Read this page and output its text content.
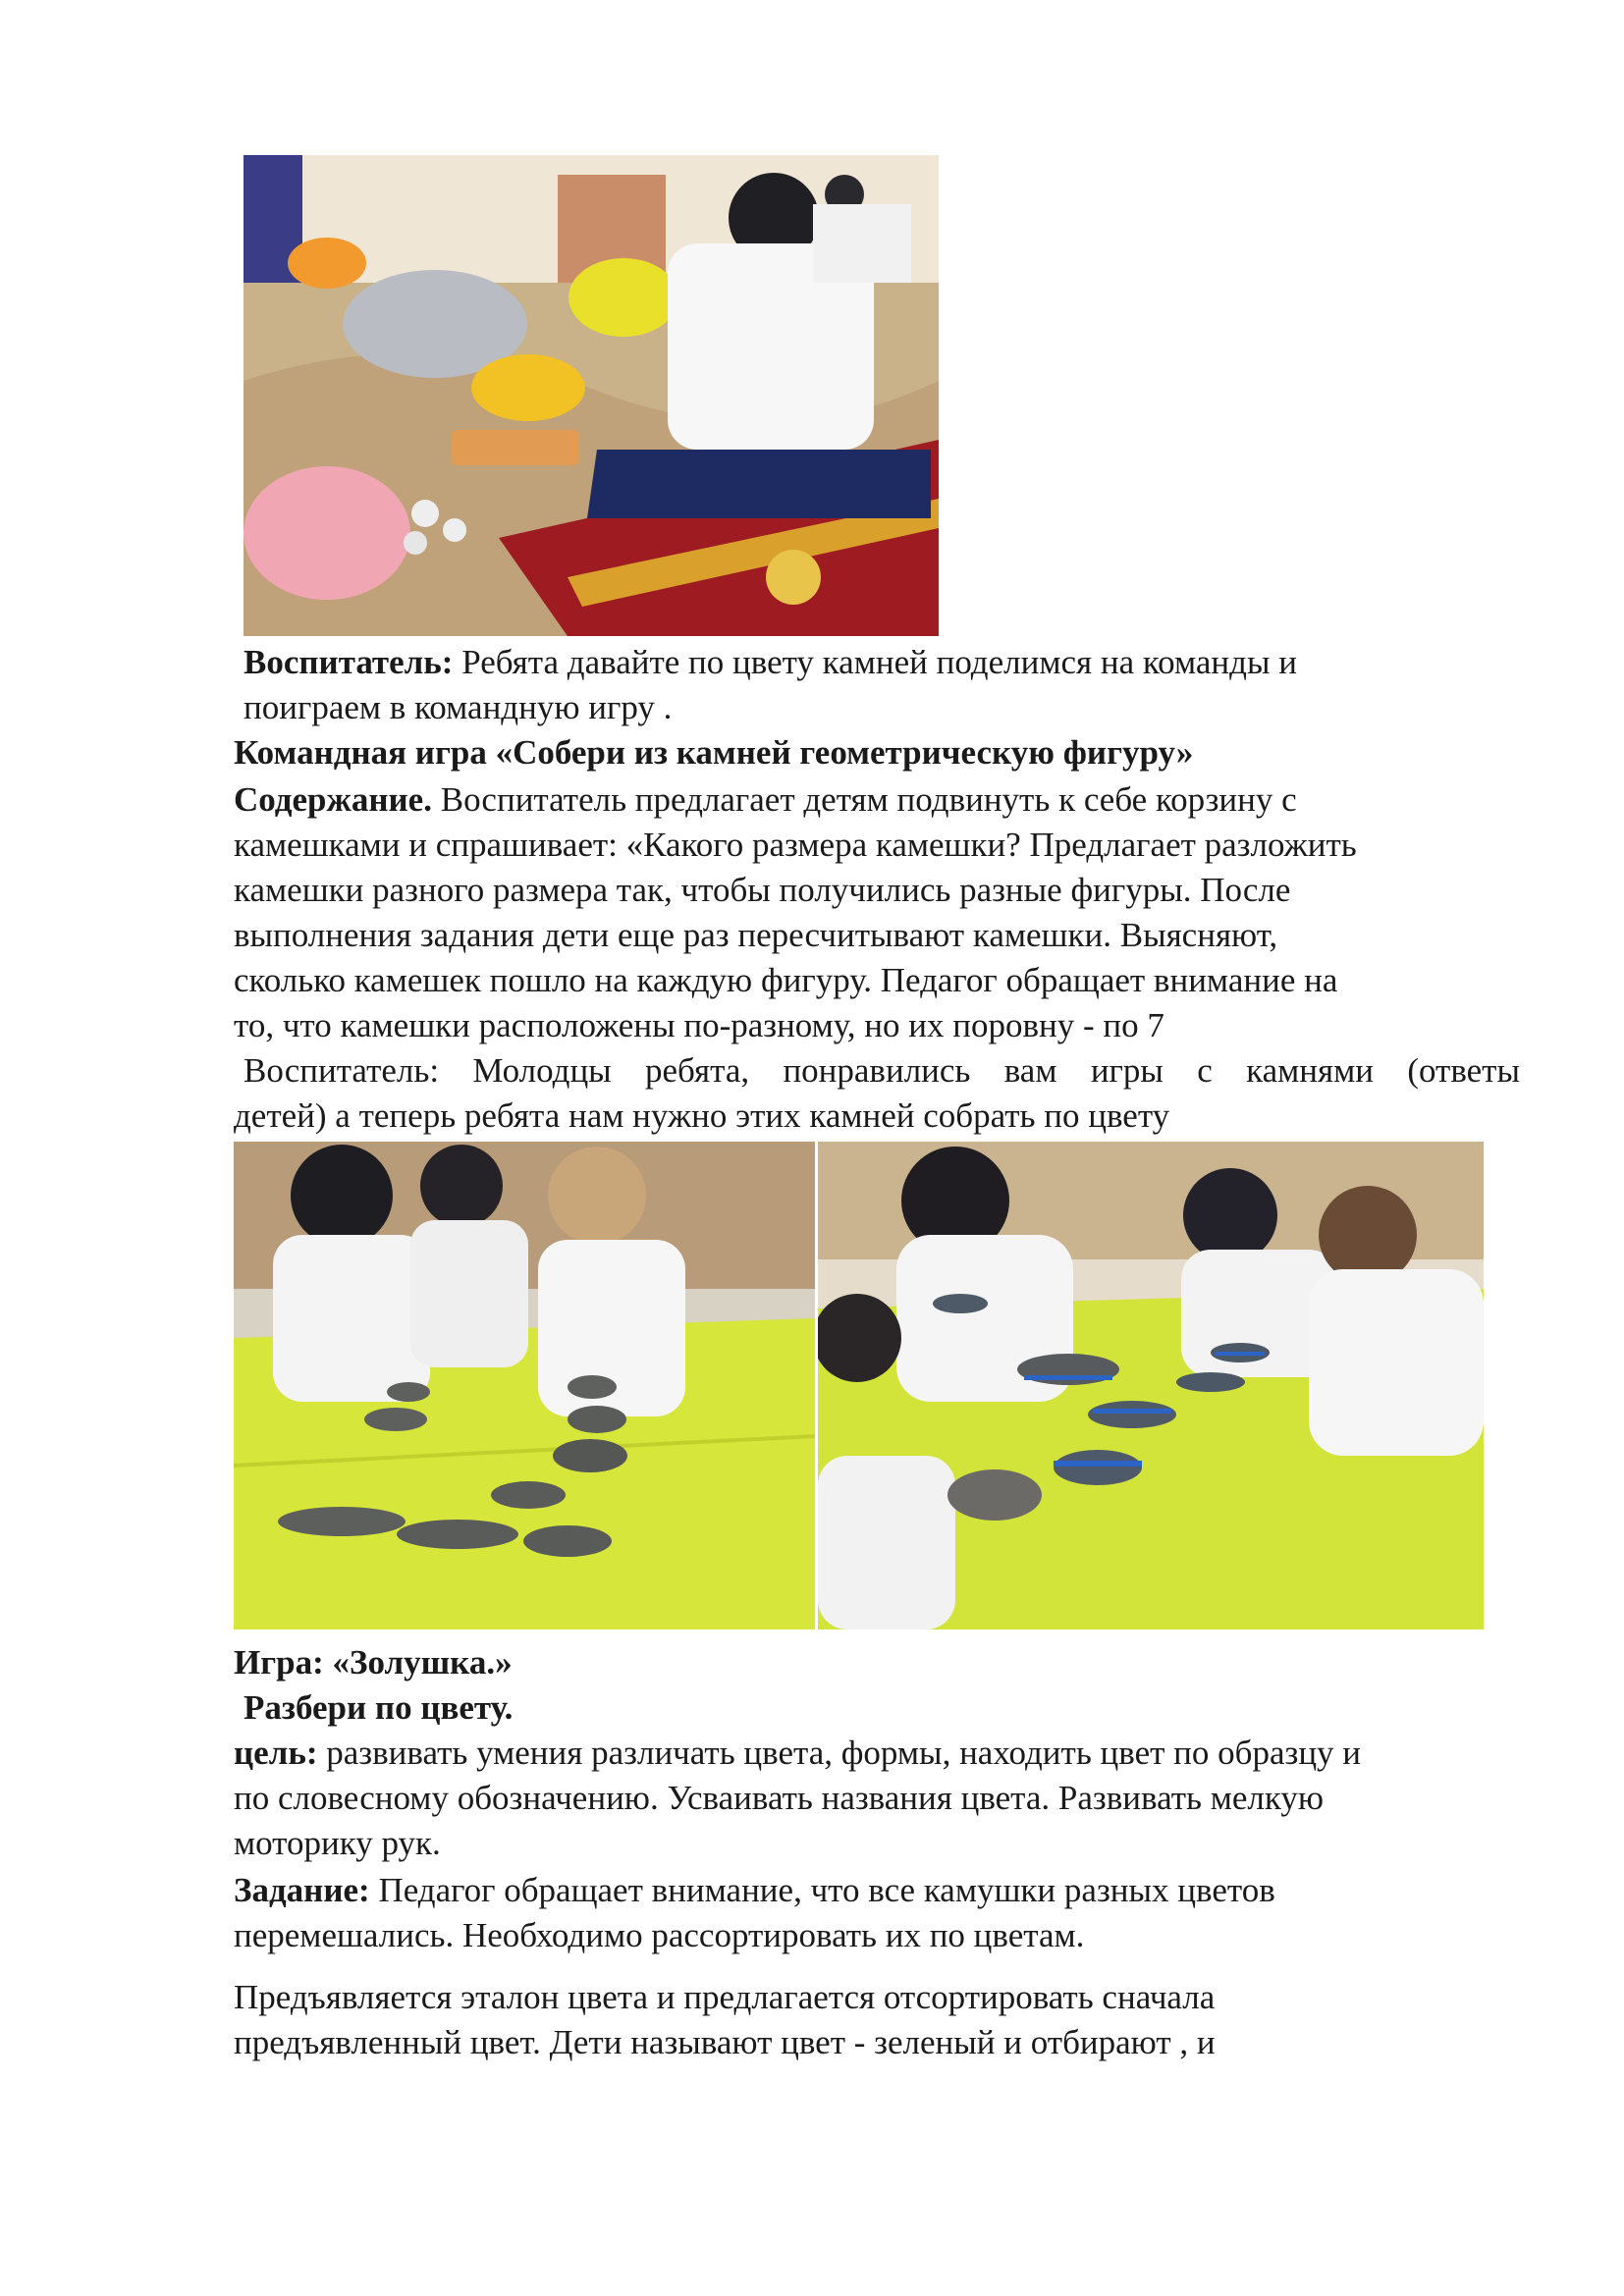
Воспитатель: Ребята давайте по цвету камней поделимся на команды и
поиграем в командную игру .
Командная игра «Собери из камней геометрическую фигуру»
Содержание. Воспитатель предлагает детям подвинуть к себе корзину с
камешками и спрашивает: «Какого размера камешки? Предлагает разложить
камешки разного размера так, чтобы получились разные фигуры. После
выполнения задания дети еще раз пересчитывают камешки. Выясняют,
сколько камешек пошло на каждую фигуру. Педагог обращает внимание на
то, что камешки расположены по-разному, но их поровну - по 7
Воспитатель: Молодцы ребята, понравились вам игры с камнями (ответы
детей) а теперь ребята нам нужно этих камней собрать по цвету
Игра: «Золушка.»
Разбери по цвету.
цель: развивать умения различать цвета, формы, находить цвет по образцу и
по словесному обозначению. Усваивать названия цвета. Развивать мелкую
моторику рук.
Задание: Педагог обращает внимание, что все камушки разных цветов
перемешались. Необходимо рассортировать их по цветам.
Предъявляется эталон цвета и предлагается отсортировать сначала
предъявленный цвет. Дети называют цвет - зеленый и отбирают , и
